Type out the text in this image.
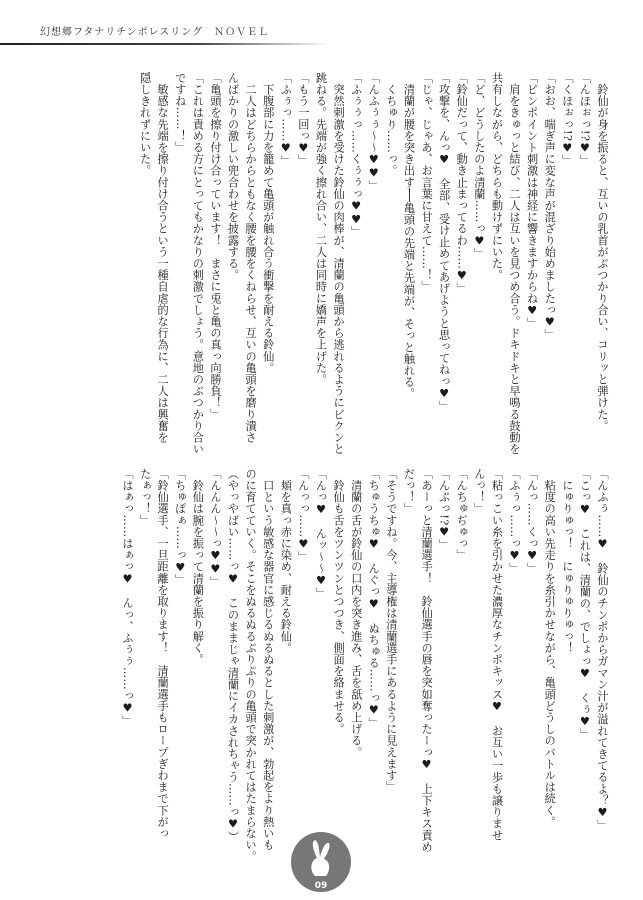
幻想郷フタナリチンポレスリング　ＮＯＶＥＬ
　鈴仙が身を振ると、互いの乳首がぶつかり合い、コリッと弾けた。
「んほぉっ!?♥」
「くほぉっ!?♥」
「おお、喘ぎ声に変な声が混ざり始めましたっ♥」
「ピンポイント刺激は神経に響きますからね♥」
　肩をきゅっと結び、二人は互いを見つめ合う。ドキドキと早鳴る鼓動を
共有しながら、どちらも動けずにいた。
「ど、どうしたのよ清蘭……っ♥」
「鈴仙だって、動き止まってるわ……♥」
「攻撃を、んっ♥　全部、受け止めてあげようと思ってねっ♥」
「じゃ、じゃあ、お言葉に甘えて……！」
　清蘭が腰を突き出す──亀頭の先端と先端が、そっと触れる。
　くちゅり……っ。
「んふぅぅ～～♥♥」
「ふぅぅっ……くぅぅっ♥♥」
　突然刺激を受けた鈴仙の肉棒が、清蘭の亀頭から逃れるようにビクンと
跳ねる。先端が強く擦れ合い、二人は同時に嬌声を上げた。
「もう一回っ♥」
「ふぅっ……♥」
　下腹部に力を籠めて亀頭が触れ合う衝撃を耐える鈴仙。
　二人はどちらからともなく腰を腰をくねらせ、互いの亀頭を磨り潰さ
んばかりの激しい兜合わせを披露する。
「亀頭を擦り付け合っています！　まさに兎と亀の真っ向勝負！」
「これは責める方にとってもかなりの刺激でしょう。意地のぶつかり合い
ですね……！」
　敏感な先端を擦り付け合うという一種自虐的な行為に、二人は興奮を
隠しきれずにいた。
「んふぅ……♥　鈴仙のチンポからガマン汁が溢れてきてるよ？♥」
「こっ♥　これは、清蘭の、でしょっ♥　くぅ♥」
　にゅりゅっ！　にゅりゅりゅっ！
　粘度の高い先走りを糸引かせながら、亀頭どうしのバトルは続く。
「んっ……くっ♥」
「ふぅっ……っ♥」
「粘っこい糸を引かせた濃厚なチンポキッス♥　お互い一歩も譲りませ
んっ！」
「んちゅぢゅっ」
「んぷっ!?♥」
「あーっと清蘭選手！　鈴仙選手の唇を突如奪ったーっ♥　上下キス責め
だっ！」
「そうですね。今、主導権は清蘭選手にあるように見えます」
「ちゅうちゅ♥　んぐっ♥　ぬちゅる……っ♥」
　清蘭の舌が鈴仙の口内を突き進み、舌を舐め上げる。
　鈴仙も舌をツンツンとつつき、側面を絡ませる。
「んっ♥　んッ～～♥」
「んっっ……♥」
　頬を真っ赤に染め、耐える鈴仙。
　口という敏感な器官に感じるぬるぬるとした刺激が、勃起をより熱いも
のに育てていく。そこをぬるぬるぷりぷりの亀頭で突かれてはたまらない。
（やっやばい……っ♥　このままじゃ清蘭にイカされちゃう……っ♥）
「んんん～～っ♥♥」
　鈴仙は腕を振って清蘭を振り解く。
「ちゅぽぁ……っ♥」
「鈴仙選手、一旦距離を取ります！　清蘭選手もロープぎわまで下がっ
たぁっ！」
「はぁっ……はぁっ♥　んっ、ふぅぅ……っ♥」
09
